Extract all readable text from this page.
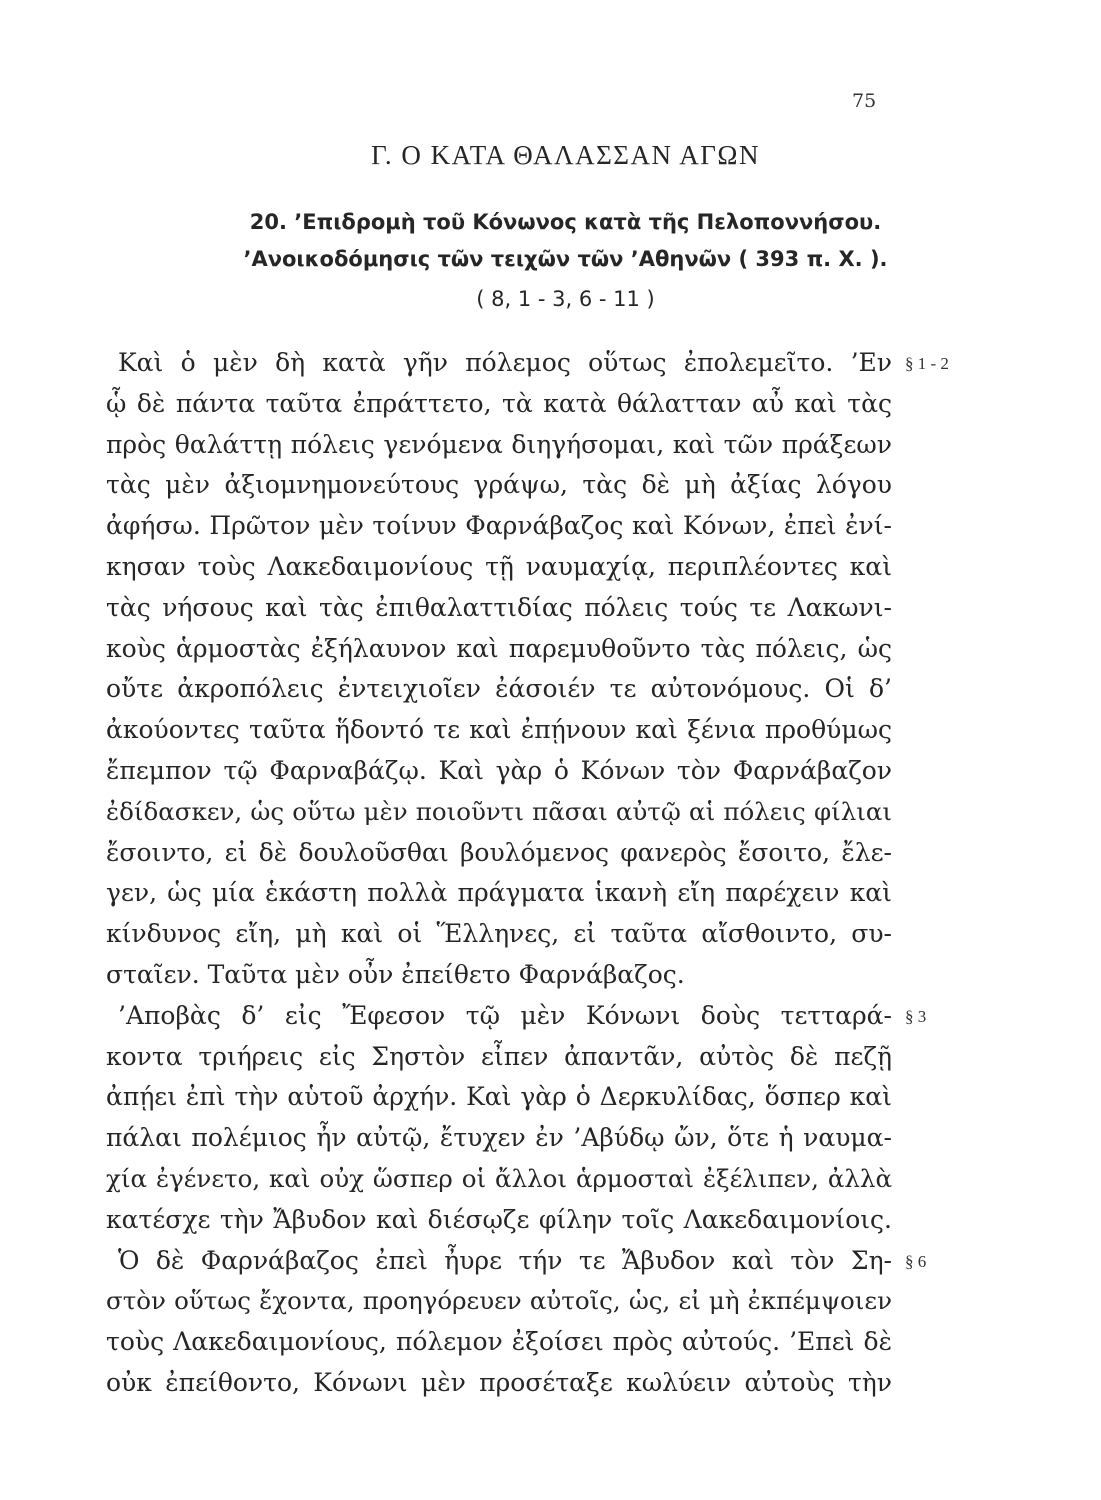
75
Γ. Ο ΚΑΤΑ ΘΑΛΑΣΣΑΝ ΑΓΩΝ
20. ’Επιδρομὴ τοῦ Κόνωνος κατὰ τῆς Πελοποννήσου.
’Ανοικοδόμησις τῶν τειχῶν τῶν ’Αθηνῶν ( 393 π. Χ. ).
( 8, 1 - 3, 6 - 11 )
§ 1 - 2
§ 3
§ 6
Καὶ ὁ μὲν δὴ κατὰ γῆν πόλεμος οὕτως ἐπολεμεῖτο. ’Εν
ᾧ δὲ πάντα ταῦτα ἐπράττετο, τὰ κατὰ θάλατταν αὖ καὶ τὰς
πρὸς θαλάττῃ πόλεις γενόμενα διηγήσομαι, καὶ τῶν πράξεων
τὰς μὲν ἀξιομνημονεύτους γράψω, τὰς δὲ μὴ ἀξίας λόγου
ἀφήσω. Πρῶτον μὲν τοίνυν Φαρνάβαζος καὶ Κόνων, ἐπεὶ ἐνί-
κησαν τοὺς Λακεδαιμονίους τῇ ναυμαχίᾳ, περιπλέοντες καὶ
τὰς νήσους καὶ τὰς ἐπιθαλαττιδίας πόλεις τούς τε Λακωνι-
κοὺς ἁρμοστὰς ἐξήλαυνον καὶ παρεμυθοῦντο τὰς πόλεις, ὡς
οὔτε ἀκροπόλεις ἐντειχιοῖεν ἐάσοιέν τε αὐτονόμους. Οἱ δ’
ἀκούοντες ταῦτα ἥδοντό τε καὶ ἐπῄνουν καὶ ξένια προθύμως
ἔπεμπον τῷ Φαρναβάζῳ. Καὶ γὰρ ὁ Κόνων τὸν Φαρνάβαζον
ἐδίδασκεν, ὡς οὕτω μὲν ποιοῦντι πᾶσαι αὐτῷ αἱ πόλεις φίλιαι
ἔσοιντο, εἰ δὲ δουλοῦσθαι βουλόμενος φανερὸς ἔσοιτο, ἔλε-
γεν, ὡς μία ἑκάστη πολλὰ πράγματα ἱκανὴ εἴη παρέχειν καὶ
κίνδυνος εἴη, μὴ καὶ οἱ Ἕλληνες, εἰ ταῦτα αἴσθοιντο, συ-
σταῖεν. Ταῦτα μὲν οὖν ἐπείθετο Φαρνάβαζος.
’Αποβὰς δ’ εἰς Ἔφεσον τῷ μὲν Κόνωνι δοὺς τετταρά-
κοντα τριήρεις εἰς Σηστὸν εἶπεν ἀπαντᾶν, αὐτὸς δὲ πεζῇ
ἀπῄει ἐπὶ τὴν αὑτοῦ ἀρχήν. Καὶ γὰρ ὁ Δερκυλίδας, ὅσπερ καὶ
πάλαι πολέμιος ἦν αὐτῷ, ἔτυχεν ἐν ’Αβύδῳ ὤν, ὅτε ἡ ναυμα-
χία ἐγένετο, καὶ οὐχ ὥσπερ οἱ ἄλλοι ἁρμοσταὶ ἐξέλιπεν, ἀλλὰ
κατέσχε τὴν Ἄβυδον καὶ διέσῳζε φίλην τοῖς Λακεδαιμονίοις.
Ὁ δὲ Φαρνάβαζος ἐπεὶ ἦυρε τήν τε Ἄβυδον καὶ τὸν Ση-
στὸν οὕτως ἔχοντα, προηγόρευεν αὐτοῖς, ὡς, εἰ μὴ ἐκπέμψοιεν
τοὺς Λακεδαιμονίους, πόλεμον ἐξοίσει πρὸς αὐτούς. ’Επεὶ δὲ
οὐκ ἐπείθοντο, Κόνωνι μὲν προσέταξε κωλύειν αὐτοὺς τὴν
